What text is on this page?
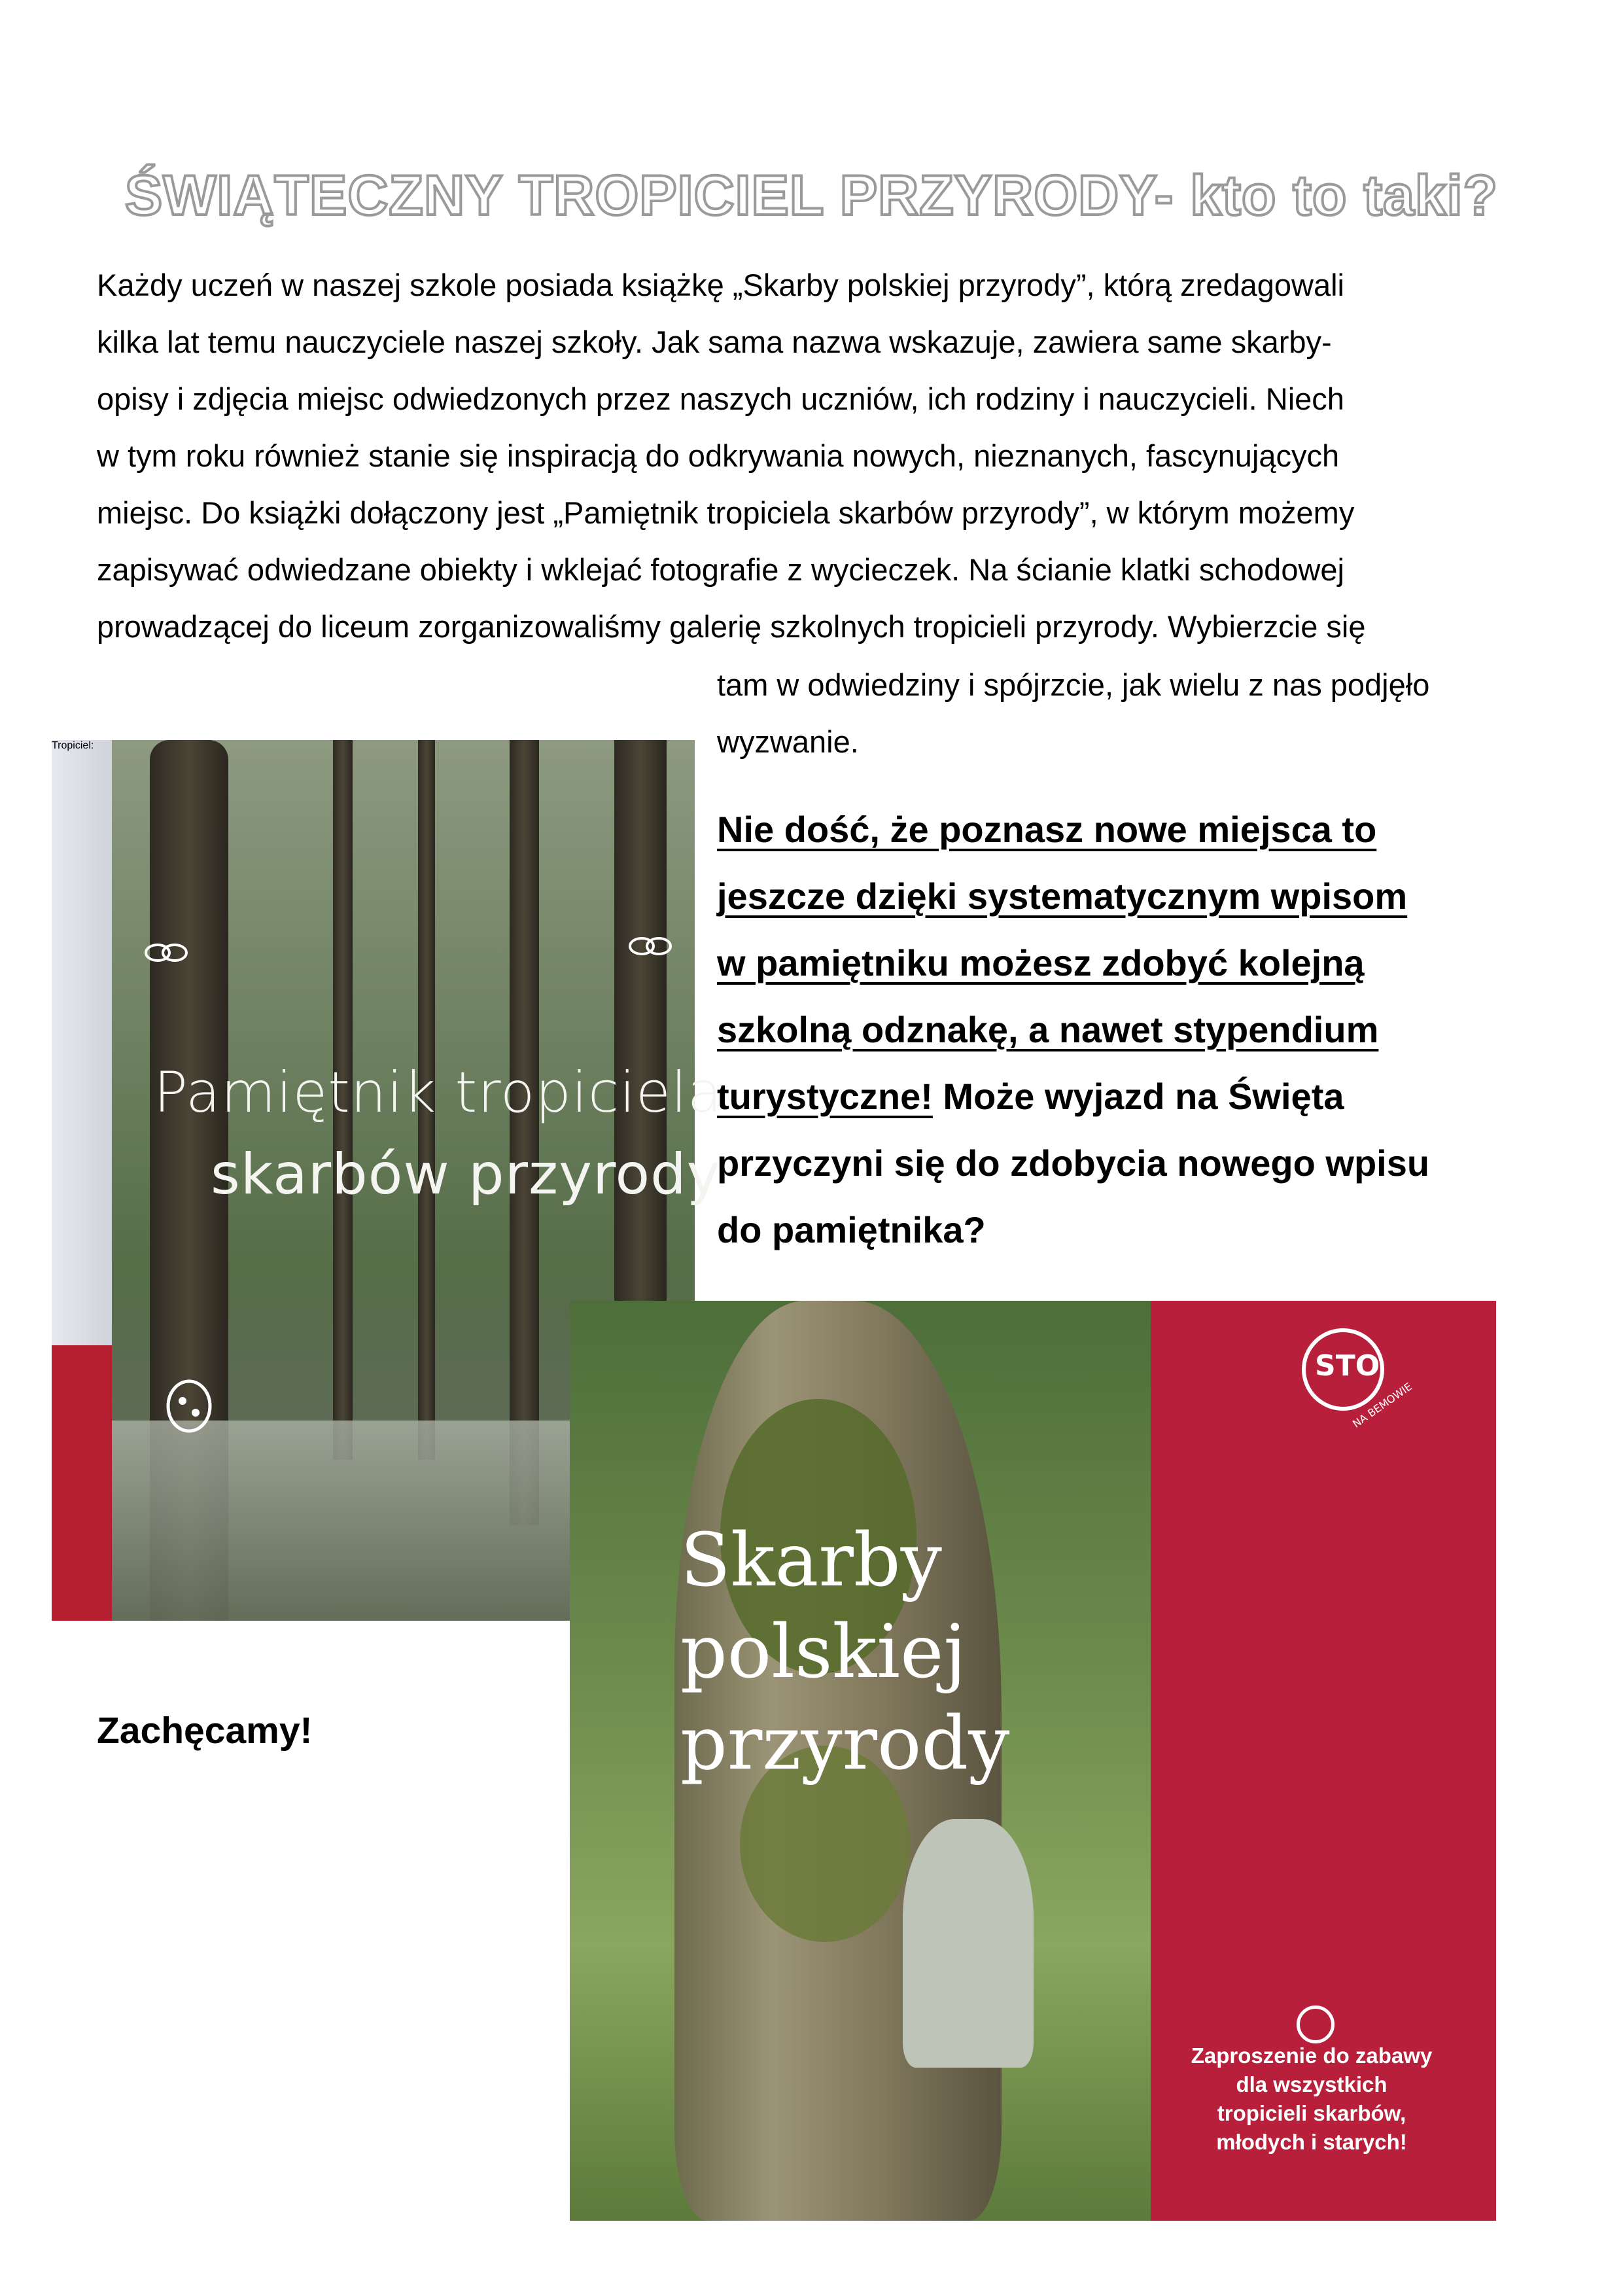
ŚWIĄTECZNY TROPICIEL PRZYRODY- kto to taki?
Każdy uczeń w naszej szkole posiada książkę „Skarby polskiej przyrody”, którą zredagowali
kilka lat temu nauczyciele naszej szkoły. Jak sama nazwa wskazuje, zawiera same skarby-
opisy i zdjęcia miejsc odwiedzonych przez naszych uczniów, ich rodziny i nauczycieli. Niech
w tym roku również stanie się inspiracją do odkrywania nowych, nieznanych, fascynujących
miejsc. Do książki dołączony jest „Pamiętnik tropiciela skarbów przyrody”, w którym możemy
zapisywać odwiedzane obiekty i wklejać fotografie z wycieczek. Na ścianie klatki schodowej
prowadzącej do liceum zorganizowaliśmy galerię szkolnych tropicieli przyrody. Wybierzcie się
tam w odwiedziny i spójrzcie, jak wielu z nas podjęło
wyzwanie.
Nie dość, że poznasz nowe miejsca to
jeszcze dzięki systematycznym wpisom
w pamiętniku możesz zdobyć kolejną
szkolną odznakę, a nawet stypendium
turystyczne! Może wyjazd na Święta
przyczyni się do zdobycia nowego wpisu
do pamiętnika?
Zachęcamy!
Pamiętnik tropiciela
skarbów przyrody
Tropiciel:
STO
NA BEMOWIE
Skarby
polskiej
przyrody
Zaproszenie do zabawy
dla wszystkich
tropicieli skarbów,
młodych i starych!
